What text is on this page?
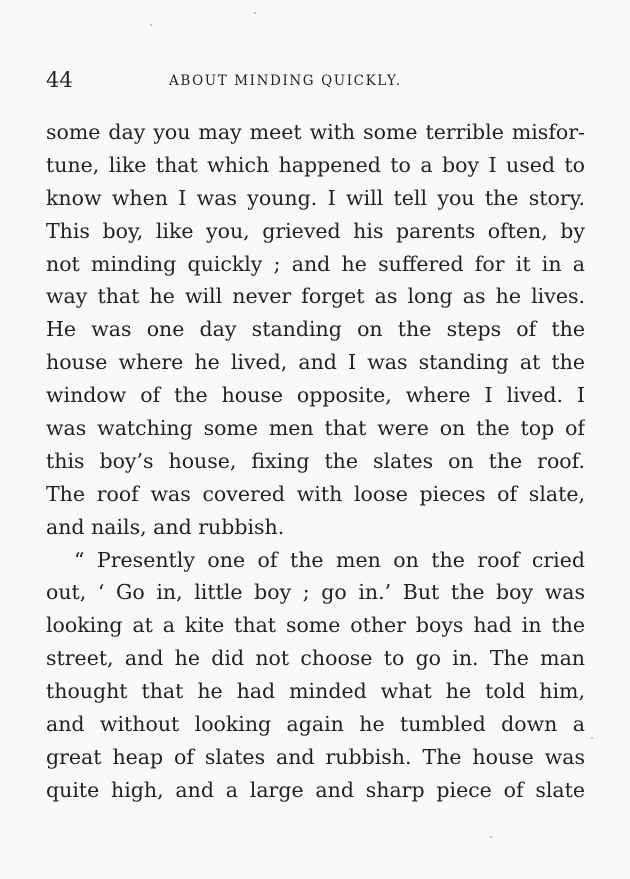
44	ABOUT MINDING QUICKLY.
some day you may meet with some terrible misfor-
tune, like that which happened to a boy I used to
know when I was young. I will tell you the story.
This boy, like you, grieved his parents often, by
not minding quickly ; and he suffered for it in a
way that he will never forget as long as he lives.
He was one day standing on the steps of the
house where he lived, and I was standing at the
window of the house opposite, where I lived. I
was watching some men that were on the top of
this boy’s house, fixing the slates on the roof.
The roof was covered with loose pieces of slate,
and nails, and rubbish.
“ Presently one of the men on the roof cried
out, ‘ Go in, little boy ; go in.’ But the boy was
looking at a kite that some other boys had in the
street, and he did not choose to go in. The man
thought that he had minded what he told him,
and without looking again he tumbled down a
great heap of slates and rubbish. The house was
quite high, and a large and sharp piece of slate
